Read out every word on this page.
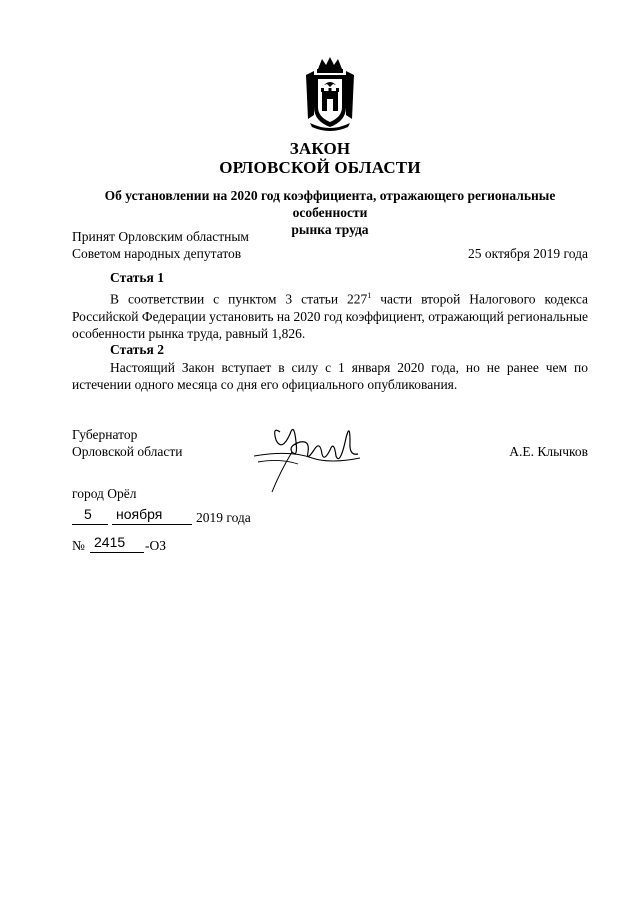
ЗАКОН
ОРЛОВСКОЙ ОБЛАСТИ
Об установлении на 2020 год коэффициента, отражающего региональные особенности
рынка труда
Принят Орловским областным
Советом народных депутатов	25 октября 2019 года
Статья 1
В соответствии с пунктом 3 статьи $227^1$ части второй Налогового кодекса Российской Федерации установить на 2020 год коэффициент, отражающий региональные особенности рынка труда, равный 1,826.
Статья 2
Настоящий Закон вступает в силу с 1 января 2020 года, но не ранее чем по истечении одного месяца со дня его официального опубликования.
Губернатор
Орловской области	А.Е. Клычков
город Орёл
5 ноября 2019 года
№ 2415 -ОЗ
